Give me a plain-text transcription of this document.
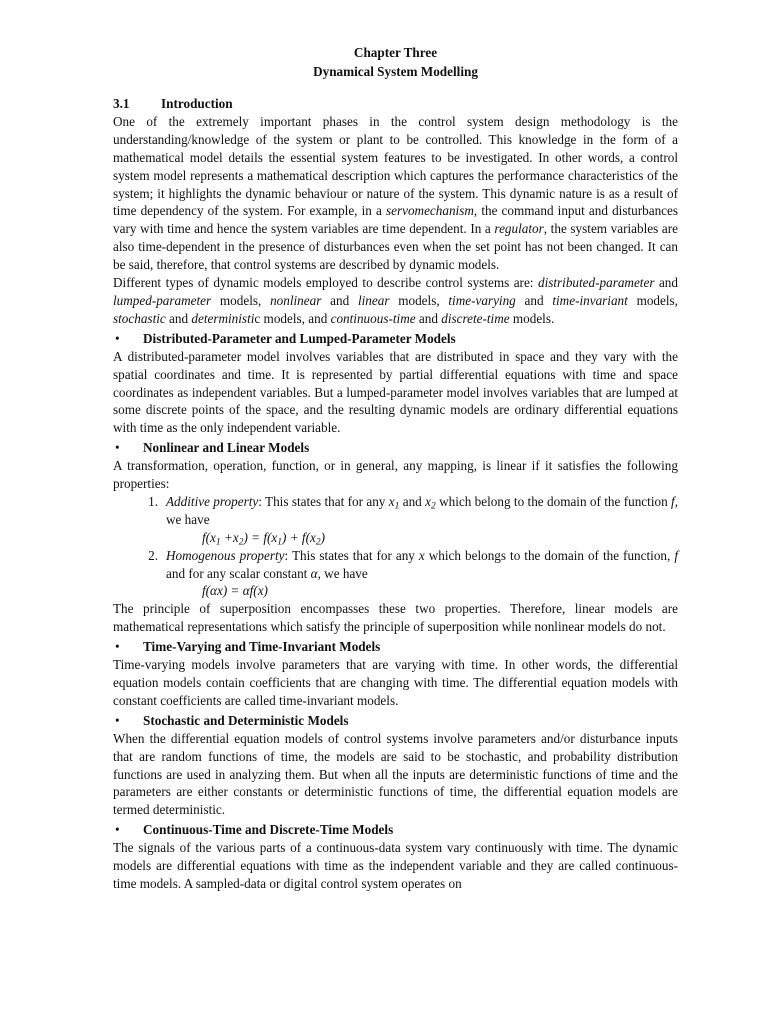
Chapter Three
Dynamical System Modelling
3.1	Introduction

One of the extremely important phases in the control system design methodology is the understanding/knowledge of the system or plant to be controlled. This knowledge in the form of a mathematical model details the essential system features to be investigated. In other words, a control system model represents a mathematical description which captures the performance characteristics of the system; it highlights the dynamic behaviour or nature of the system. This dynamic nature is as a result of time dependency of the system. For example, in a servomechanism, the command input and disturbances vary with time and hence the system variables are time dependent. In a regulator, the system variables are also time-dependent in the presence of disturbances even when the set point has not been changed. It can be said, therefore, that control systems are described by dynamic models.

Different types of dynamic models employed to describe control systems are: distributed-parameter and lumped-parameter models, nonlinear and linear models, time-varying and time-invariant models, stochastic and deterministic models, and continuous-time and discrete-time models.

•	Distributed-Parameter and Lumped-Parameter Models

A distributed-parameter model involves variables that are distributed in space and they vary with the spatial coordinates and time. It is represented by partial differential equations with time and space coordinates as independent variables. But a lumped-parameter model involves variables that are lumped at some discrete points of the space, and the resulting dynamic models are ordinary differential equations with time as the only independent variable.

•	Nonlinear and Linear Models

A transformation, operation, function, or in general, any mapping, is linear if it satisfies the following properties:

1. Additive property: This states that for any $x_1$ and $x_2$ which belong to the domain of the function f, we have
$f(x_1 +x_2) = f(x_1) + f(x_2)$
2. Homogenous property: This states that for any x which belongs to the domain of the function, f and for any scalar constant α, we have
f(αx) = αf(x)

The principle of superposition encompasses these two properties. Therefore, linear models are mathematical representations which satisfy the principle of superposition while nonlinear models do not.

•	Time-Varying and Time-Invariant Models

Time-varying models involve parameters that are varying with time. In other words, the differential equation models contain coefficients that are changing with time. The differential equation models with constant coefficients are called time-invariant models.

•	Stochastic and Deterministic Models

When the differential equation models of control systems involve parameters and/or disturbance inputs that are random functions of time, the models are said to be stochastic, and probability distribution functions are used in analyzing them. But when all the inputs are deterministic functions of time and the parameters are either constants or deterministic functions of time, the differential equation models are termed deterministic.

•	Continuous-Time and Discrete-Time Models

The signals of the various parts of a continuous-data system vary continuously with time. The dynamic models are differential equations with time as the independent variable and they are called continuous-time models. A sampled-data or digital control system operates on
